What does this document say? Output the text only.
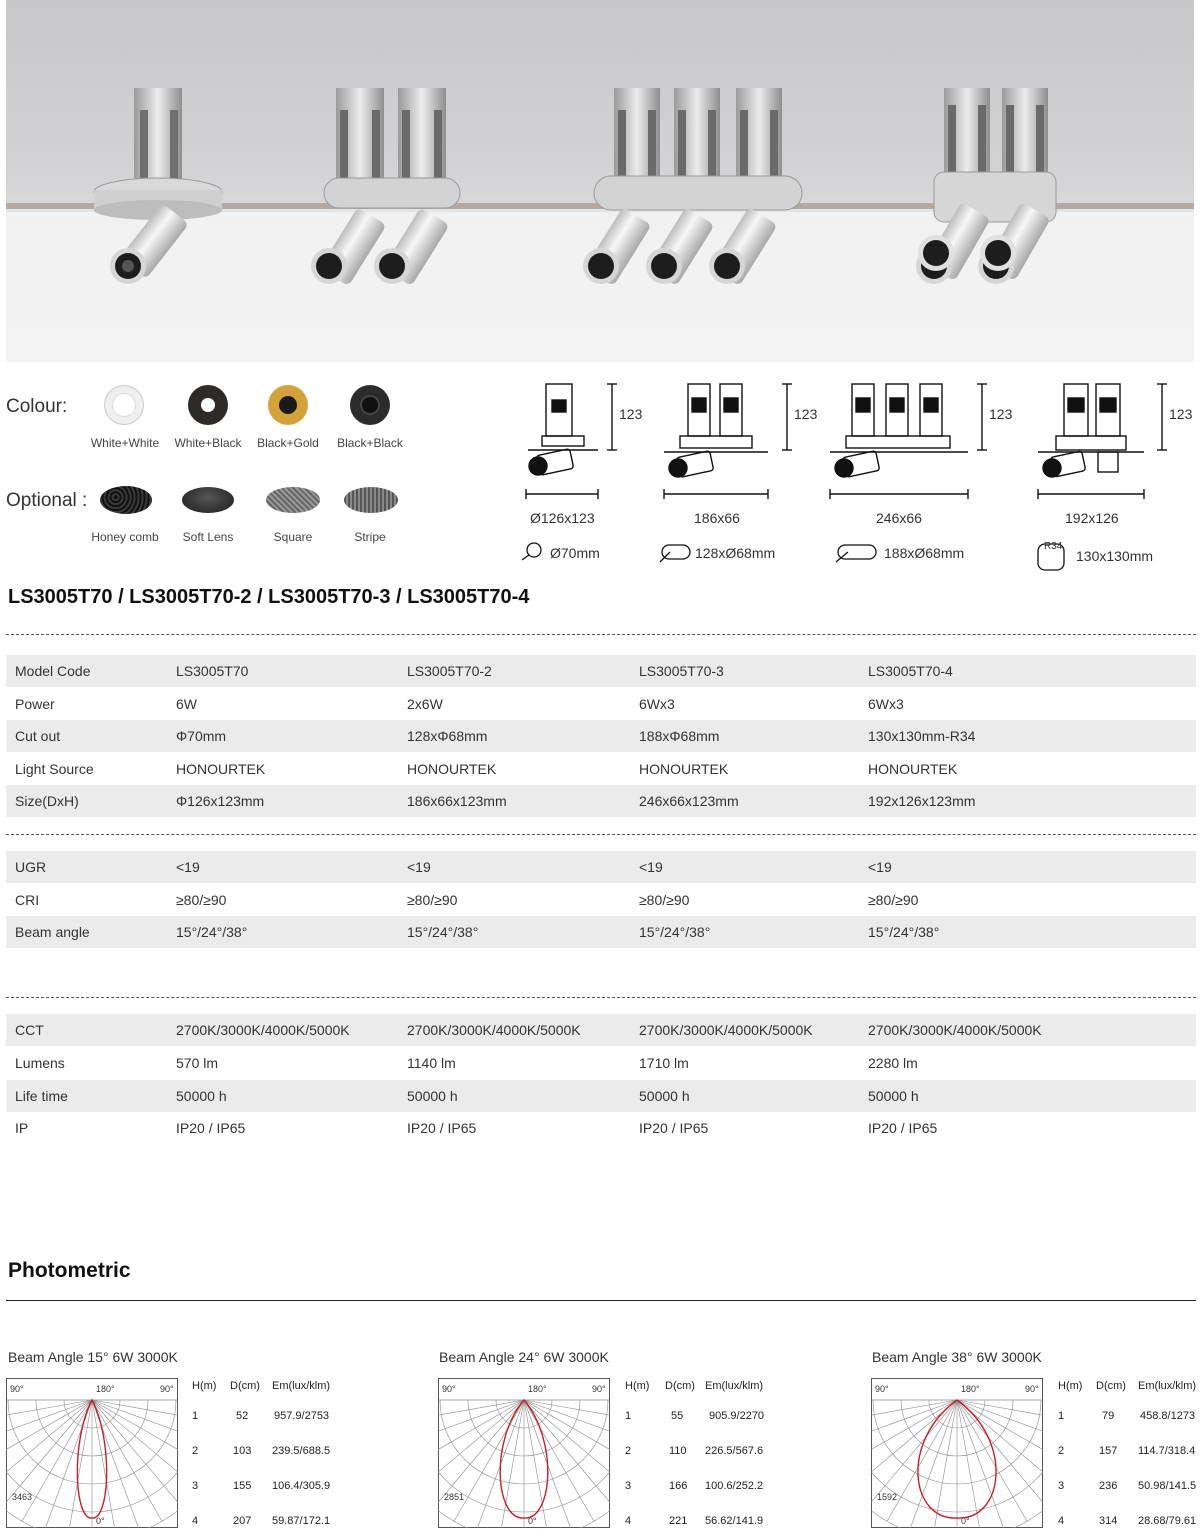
Colour:
White+White	White+Black	Black+Gold	Black+Black
Optional :
Honey comb	Soft Lens	Square	Stripe
123	123	123	123
Ø126x123	186x66	246x66	192x126
Ø70mm	128xØ68mm	188xØ68mm	130x130mm
R34
LS3005T70 / LS3005T70-2 / LS3005T70-3 / LS3005T70-4
Model Code	LS3005T70	LS3005T70-2	LS3005T70-3	LS3005T70-4
Power	6W	2x6W	6Wx3	6Wx3
Cut out	Φ70mm	128xΦ68mm	188xΦ68mm	130x130mm-R34
Light Source	HONOURTEK	HONOURTEK	HONOURTEK	HONOURTEK
Size(DxH)	Φ126x123mm	186x66x123mm	246x66x123mm	192x126x123mm
UGR	<19	<19	<19	<19
CRI	≥80/≥90	≥80/≥90	≥80/≥90	≥80/≥90
Beam angle	15°/24°/38°	15°/24°/38°	15°/24°/38°	15°/24°/38°
CCT	2700K/3000K/4000K/5000K	2700K/3000K/4000K/5000K	2700K/3000K/4000K/5000K	2700K/3000K/4000K/5000K
Lumens	570 lm	1140 lm	1710 lm	2280 lm
Life time	50000 h	50000 h	50000 h	50000 h
IP	IP20 / IP65	IP20 / IP65	IP20 / IP65	IP20 / IP65
Photometric
Beam Angle 15° 6W 3000K
90°	180°	90°
0°
3463
H(m) D(cm) Em(lux/klm)
1	52 957.9/2753
2	103 239.5/688.5
3	155 106.4/305.9
4	207 59.87/172.1
Beam Angle 24° 6W 3000K
90°	180°	90°
0°
2851
H(m) D(cm) Em(lux/klm)
1	55 905.9/2270
2	110 226.5/567.6
3	166 100.6/252.2
4	221 56.62/141.9
Beam Angle 38° 6W 3000K
90°	180°	90°
0°
1592
H(m) D(cm) Em(lux/klm)
1	79 458.8/1273
2	157 114.7/318.4
3	236 50.98/141.5
4	314 28.68/79.61
